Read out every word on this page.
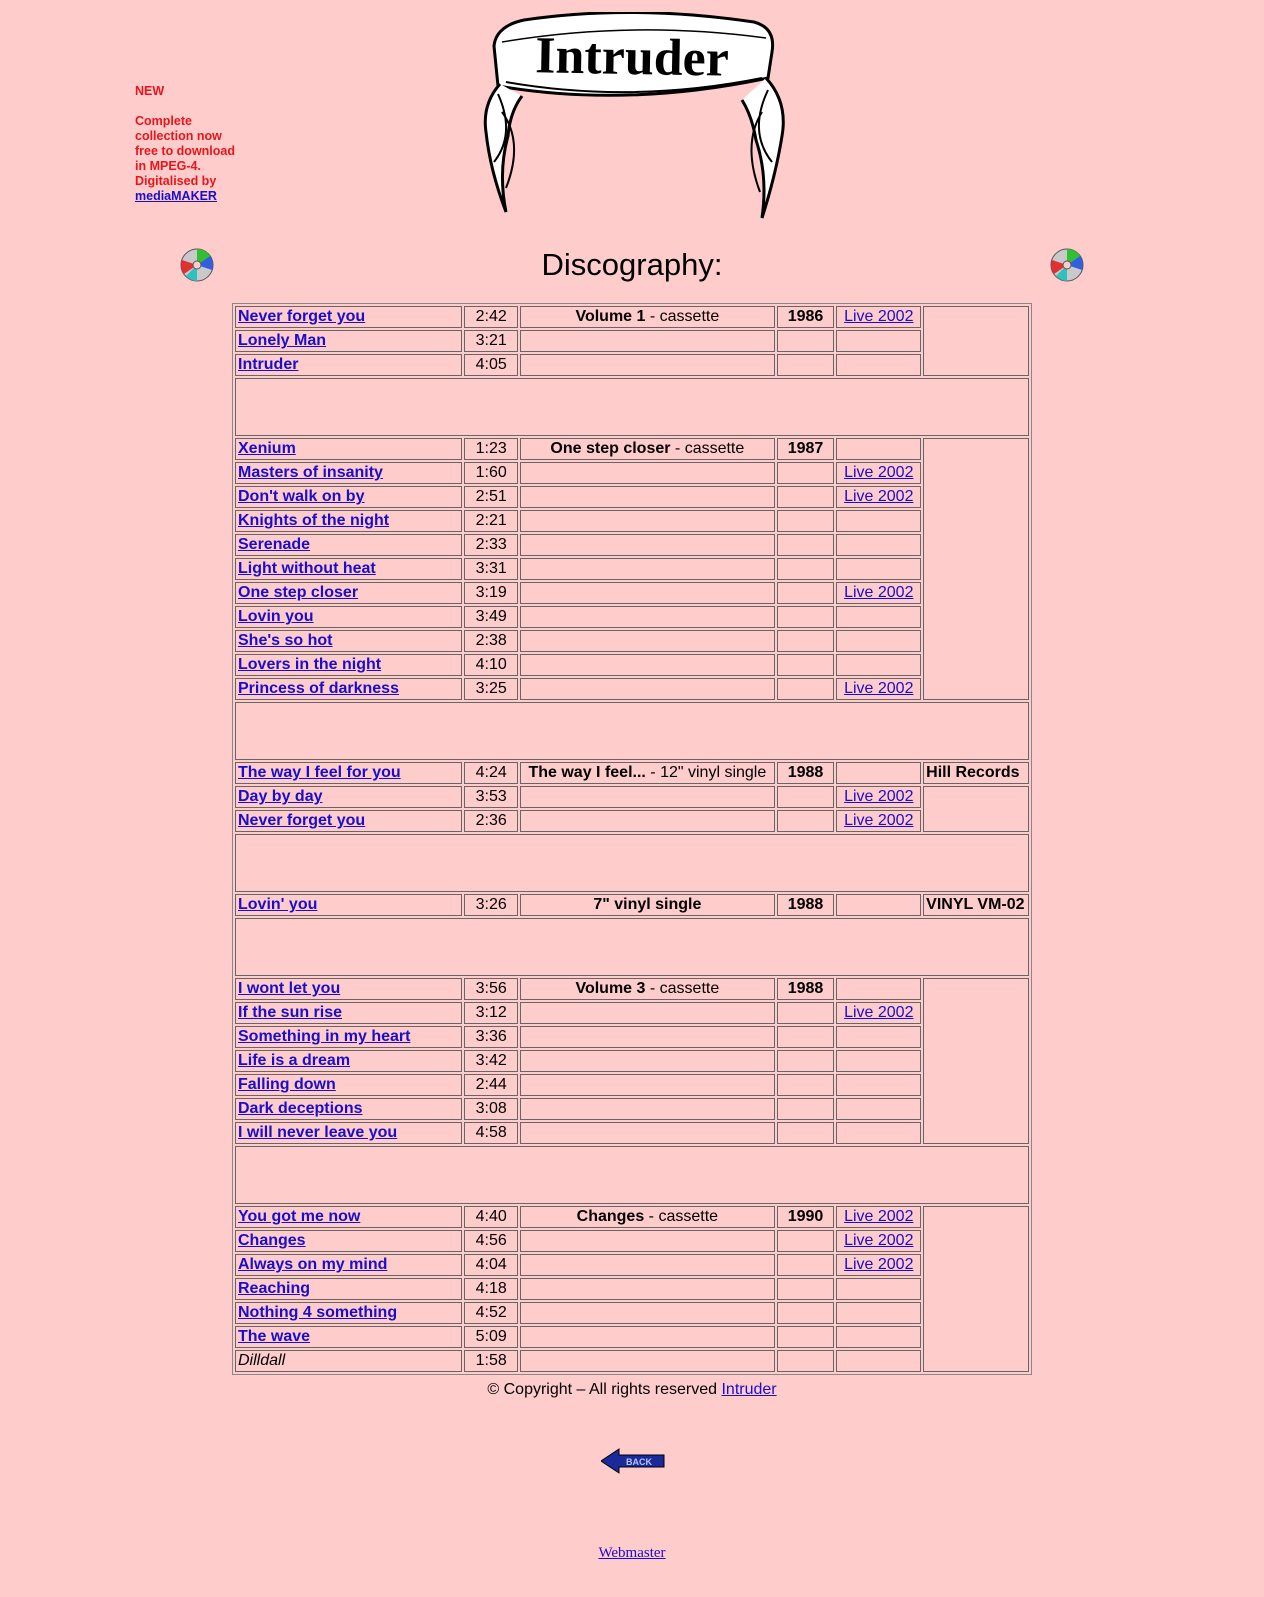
NEW
Complete
collection now
free to download
in MPEG-4.
Digitalised by
mediaMAKER
Intruder
Discography:
Never forget you	2:42	Volume 1 - cassette	1986	Live 2002	
Lonely Man	3:21				
Intruder	4:05				

Xenium	1:23	One step closer - cassette	1987		
Masters of insanity	1:60			Live 2002	
Don't walk on by	2:51			Live 2002	
Knights of the night	2:21				
Serenade	2:33				
Light without heat	3:31				
One step closer	3:19			Live 2002	
Lovin you	3:49				
She's so hot	2:38				
Lovers in the night	4:10				
Princess of darkness	3:25			Live 2002	

The way I feel for you	4:24	The way I feel... - 12" vinyl single	1988		Hill Records
Day by day	3:53			Live 2002	
Never forget you	2:36			Live 2002	

Lovin' you	3:26	7" vinyl single	1988		VINYL VM-02

I wont let you	3:56	Volume 3 - cassette	1988		
If the sun rise	3:12			Live 2002	
Something in my heart	3:36				
Life is a dream	3:42				
Falling down	2:44				
Dark deceptions	3:08				
I will never leave you	4:58				

You got me now	4:40	Changes - cassette	1990	Live 2002	
Changes	4:56			Live 2002	
Always on my mind	4:04			Live 2002	
Reaching	4:18				
Nothing 4 something	4:52				
The wave	5:09				
Dilldall	1:58				
© Copyright – All rights reserved Intruder
BACK
Webmaster
